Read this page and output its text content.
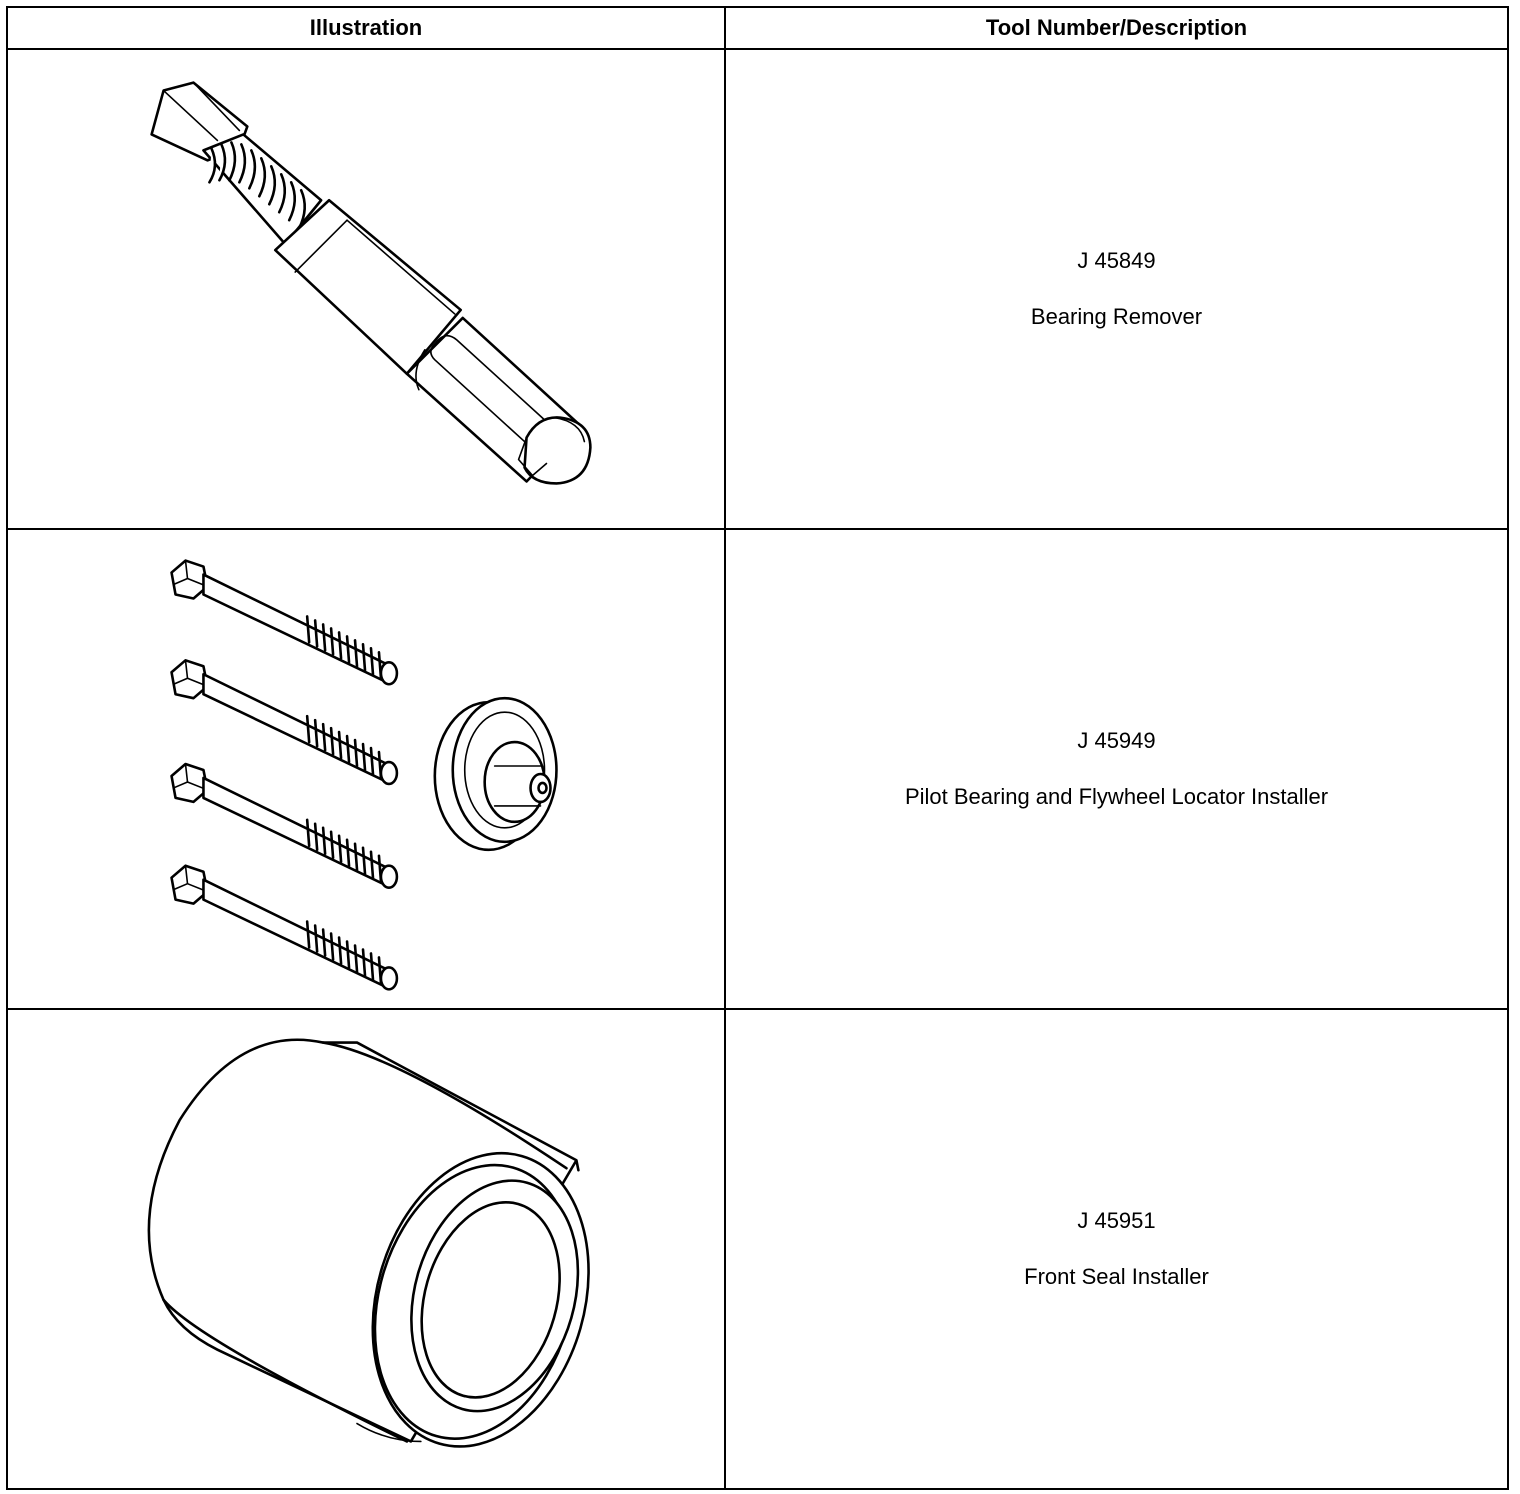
Illustration	Tool Number/Description

J 45849
Bearing Remover

J 45949
Pilot Bearing and Flywheel Locator Installer

J 45951
Front Seal Installer
